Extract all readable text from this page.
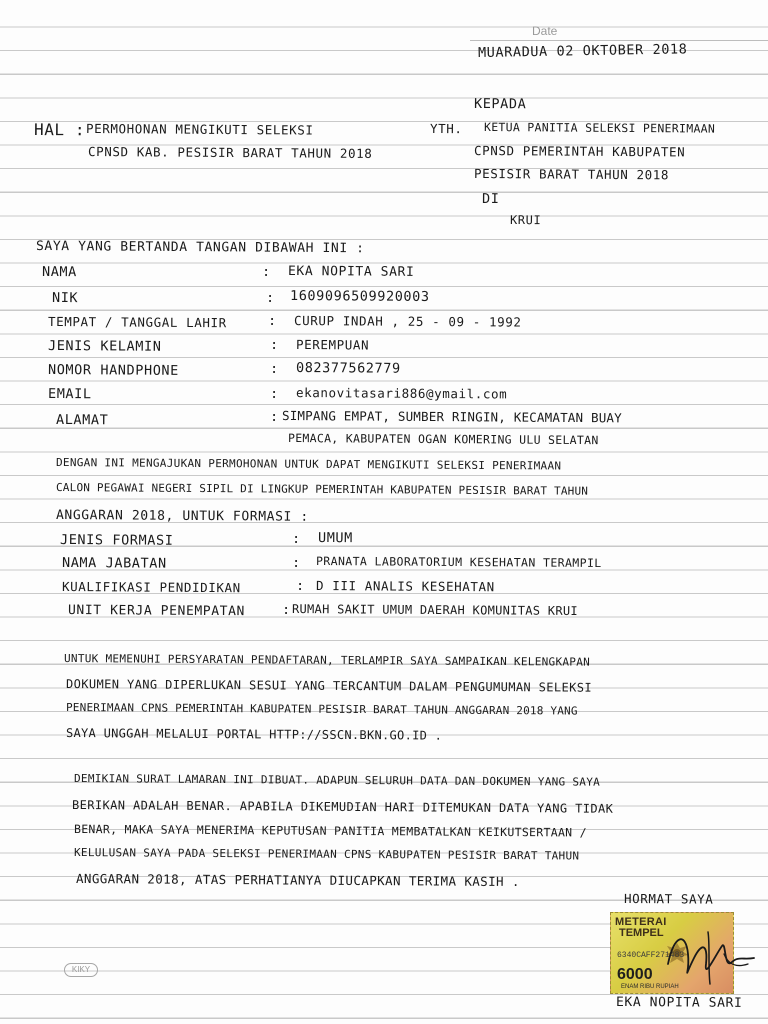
Date
MUARADUA 02 OKTOBER 2018
HAL : PERMOHONAN MENGIKUTI SELEKSI
CPNSD KAB. PESISIR BARAT TAHUN 2018
KEPADA
YTH. KETUA PANITIA SELEKSI PENERIMAAN
CPNSD PEMERINTAH KABUPATEN
PESISIR BARAT TAHUN 2018
DI
KRUI
SAYA YANG BERTANDA TANGAN DIBAWAH INI :
NAMA	: EKA NOPITA SARI
NIK	: 1609096509920003
TEMPAT / TANGGAL LAHIR	: CURUP INDAH , 25 - 09 - 1992
JENIS KELAMIN	: PEREMPUAN
NOMOR HANDPHONE	: 082377562779
EMAIL	: ekanovitasari886@ymail.com
ALAMAT	: SIMPANG EMPAT, SUMBER RINGIN, KECAMATAN BUAY
PEMACA, KABUPATEN OGAN KOMERING ULU SELATAN
DENGAN INI MENGAJUKAN PERMOHONAN UNTUK DAPAT MENGIKUTI SELEKSI PENERIMAAN
CALON PEGAWAI NEGERI SIPIL DI LINGKUP PEMERINTAH KABUPATEN PESISIR BARAT TAHUN
ANGGARAN 2018, UNTUK FORMASI :
JENIS FORMASI	: UMUM
NAMA JABATAN	: PRANATA LABORATORIUM KESEHATAN TERAMPIL
KUALIFIKASI PENDIDIKAN	: D III ANALIS KESEHATAN
UNIT KERJA PENEMPATAN	: RUMAH SAKIT UMUM DAERAH KOMUNITAS KRUI
UNTUK MEMENUHI PERSYARATAN PENDAFTARAN, TERLAMPIR SAYA SAMPAIKAN KELENGKAPAN
DOKUMEN YANG DIPERLUKAN SESUI YANG TERCANTUM DALAM PENGUMUMAN SELEKSI
PENERIMAAN CPNS PEMERINTAH KABUPATEN PESISIR BARAT TAHUN ANGGARAN 2018 YANG
SAYA UNGGAH MELALUI PORTAL HTTP://SSCN.BKN.GO.ID .
DEMIKIAN SURAT LAMARAN INI DIBUAT. ADAPUN SELURUH DATA DAN DOKUMEN YANG SAYA
BERIKAN ADALAH BENAR. APABILA DIKEMUDIAN HARI DITEMUKAN DATA YANG TIDAK
BENAR, MAKA SAYA MENERIMA KEPUTUSAN PANITIA MEMBATALKAN KEIKUTSERTAAN /
KELULUSAN SAYA PADA SELEKSI PENERIMAAN CPNS KABUPATEN PESISIR BARAT TAHUN
ANGGARAN 2018, ATAS PERHATIANYA DIUCAPKAN TERIMA KASIH .
HORMAT SAYA
METERAI
TEMPEL
6340CAFF271483
6000
ENAM RIBU RUPIAH
EKA NOPITA SARI
KIKY
